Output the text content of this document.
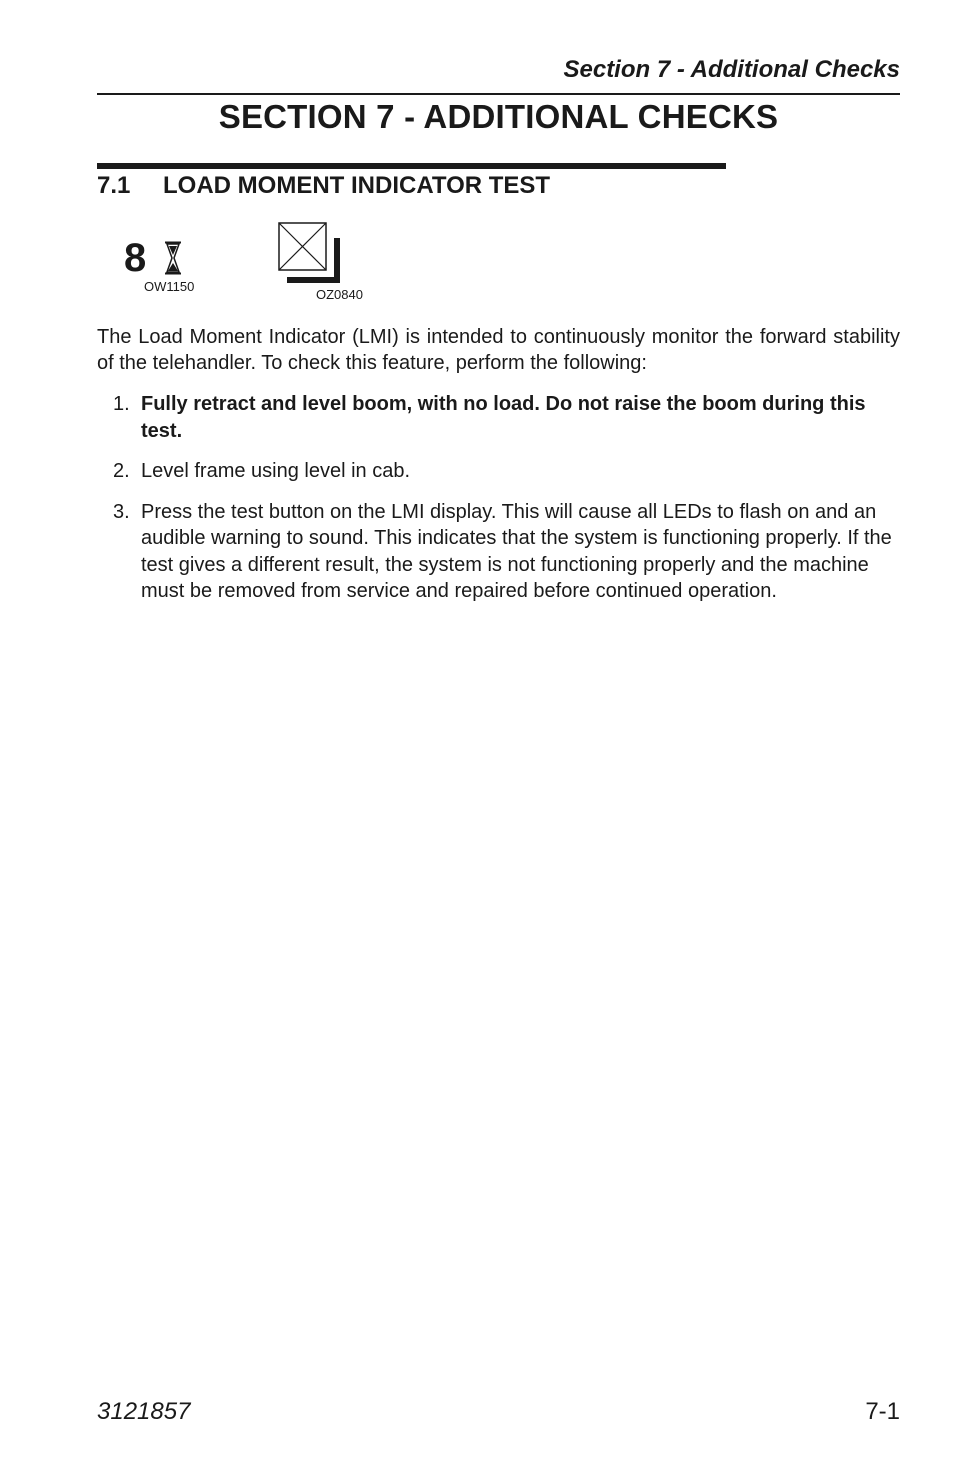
Section 7 - Additional Checks
SECTION 7 - ADDITIONAL CHECKS
7.1 LOAD MOMENT INDICATOR TEST
8
OW1150
OZ0840

The Load Moment Indicator (LMI) is intended to continuously monitor the forward stability of the telehandler. To check this feature, perform the following:

1. Fully retract and level boom, with no load. Do not raise the boom during this test.
2. Level frame using level in cab.
3. Press the test button on the LMI display. This will cause all LEDs to flash on and an audible warning to sound. This indicates that the system is functioning properly. If the test gives a different result, the system is not functioning properly and the machine must be removed from service and repaired before continued operation.
3121857	7-1
